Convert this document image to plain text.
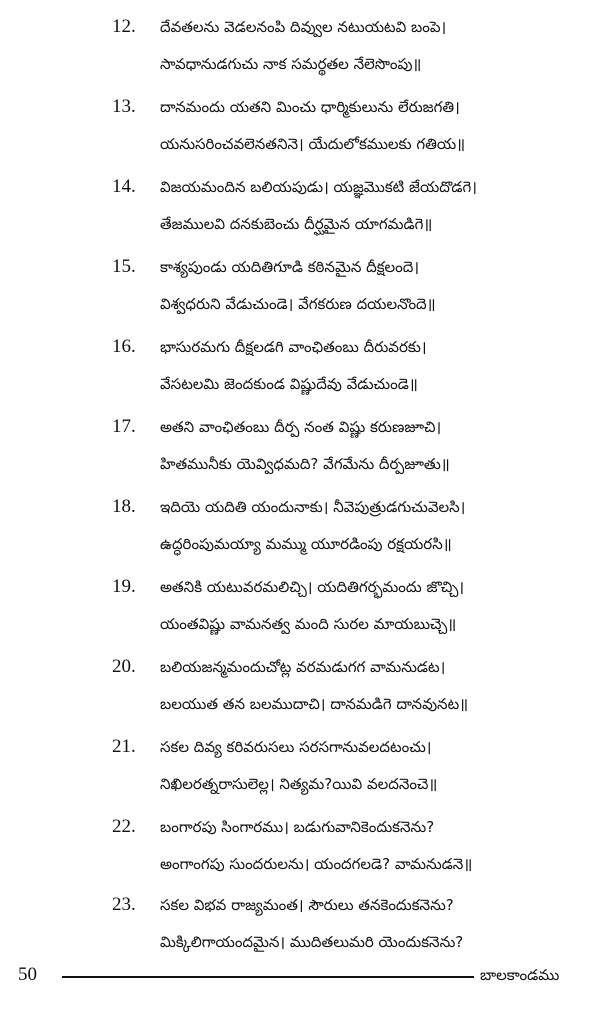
12.	దేవతలను వెడలనంపి దివ్వుల నటుయటవి బంపె।
సావధానుడగుచు నాక సమర్థతల నేలెసొంపు॥
13.	దానమందు యతని మించు ధార్మికులును లేరుజగతి।
యనుసరించవలెనతనినె। యేదులోకములకు గతియ॥
14.	విజయమందిన బలియపుడు। యజ్ఞమొకటి జేయదొడగె।
తేజములవి దనకుబెంచు దీర్ఘమైన యాగమడిగె॥
15.	కాశ్యపుండు యదితిగూడి కఠినమైన దీక్షలందె।
విశ్వధరుని వేడుచుండె। వేగకరుణ దయలనొందె॥
16.	భాసురమగు దీక్షలడగి వాంఛితంబు దీరువరకు।
వేసటలమి జెందకుండ విష్ణుదేవు వేడుచుండె॥
17.	అతని వాంఛితంబు దీర్ప నంత విష్ణు కరుణజూచి।
హితమునీకు యెవ్విధమది? వేగమేను దీర్పజూతు॥
18.	ఇదియె యదితి యందునాకు। నీవెపుత్రుడగుచువెలసి।
ఉద్ధరింపుమయ్యా మమ్ము యూరడింపు రక్షయరసి॥
19.	అతనికి యటువరమలిచ్చి। యదితిగర్భమందు జొచ్చి।
యంతవిష్ణు వామనత్వ మంది సురల మాయబుచ్చె॥
20.	బలియజన్మమందుచోట్ల వరమడుగగ వామనుడట।
బలయుత తన బలముదాచి। దానమడిగె దానవునట॥
21.	సకల దివ్య కరివరుసలు సరసగానువలదటంచు।
నిఖిలరత్నరాసులెల్ల। నిత్యమ?యివి వలదనెంచె॥
22.	బంగారపు సింగారము। బడుగువానికెందుకనెను?
అంగాంగపు సుందరులను। యందగలడె? వామనుడనె॥
23.	సకల విభవ రాజ్యమంత। సౌరులు తనకెందుకనెను?
మిక్కిలిగాయందమైన। ముదితలుమరి యెందుకనెను?
50	బాలకాండము
